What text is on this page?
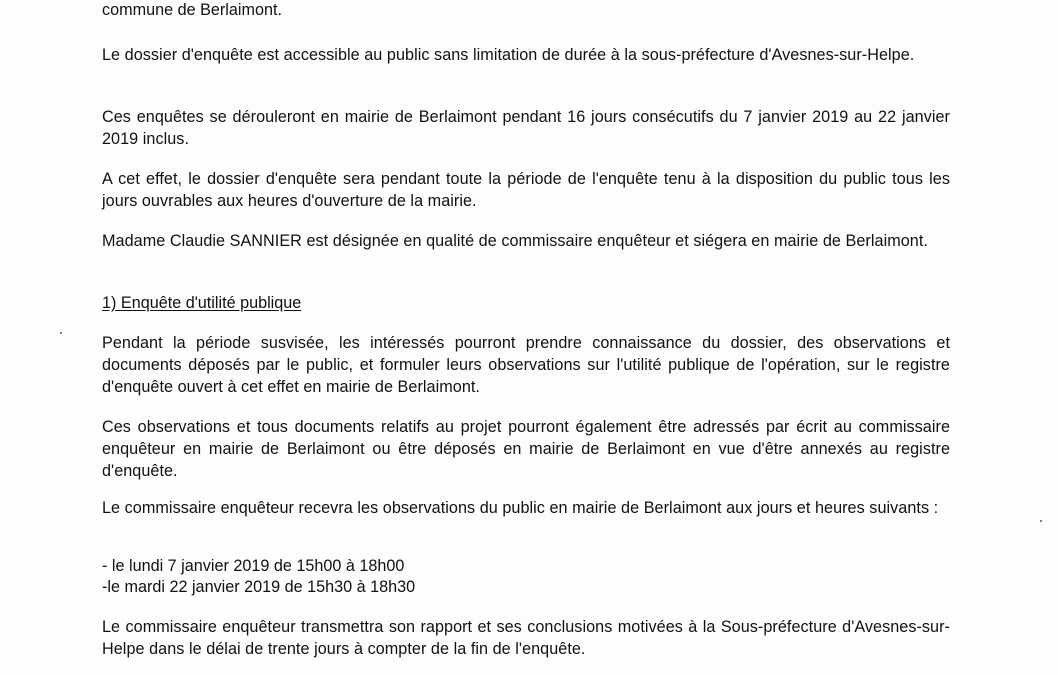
commune de Berlaimont.

Le dossier d'enquête est accessible au public sans limitation de durée à la sous-préfecture d'Avesnes-sur-Helpe.

Ces enquêtes se dérouleront en mairie de Berlaimont pendant 16 jours consécutifs du 7 janvier 2019 au 22 janvier 2019 inclus.

A cet effet, le dossier d'enquête sera pendant toute la période de l'enquête tenu à la disposition du public tous les jours ouvrables aux heures d'ouverture de la mairie.

Madame Claudie SANNIER est désignée en qualité de commissaire enquêteur et siégera en mairie de Berlaimont.

1) Enquête d'utilité publique

Pendant la période susvisée, les intéressés pourront prendre connaissance du dossier, des observations et documents déposés par le public, et formuler leurs observations sur l'utilité publique de l'opération, sur le registre d'enquête ouvert à cet effet en mairie de Berlaimont.

Ces observations et tous documents relatifs au projet pourront également être adressés par écrit au commissaire enquêteur en mairie de Berlaimont ou être déposés en mairie de Berlaimont en vue d'être annexés au registre d'enquête.

Le commissaire enquêteur recevra les observations du public en mairie de Berlaimont aux jours et heures suivants :

- le lundi 7 janvier 2019 de 15h00 à 18h00

-le mardi 22 janvier 2019 de 15h30 à 18h30

Le commissaire enquêteur transmettra son rapport et ses conclusions motivées à la Sous-préfecture d'Avesnes-sur-Helpe dans le délai de trente jours à compter de la fin de l'enquête.
